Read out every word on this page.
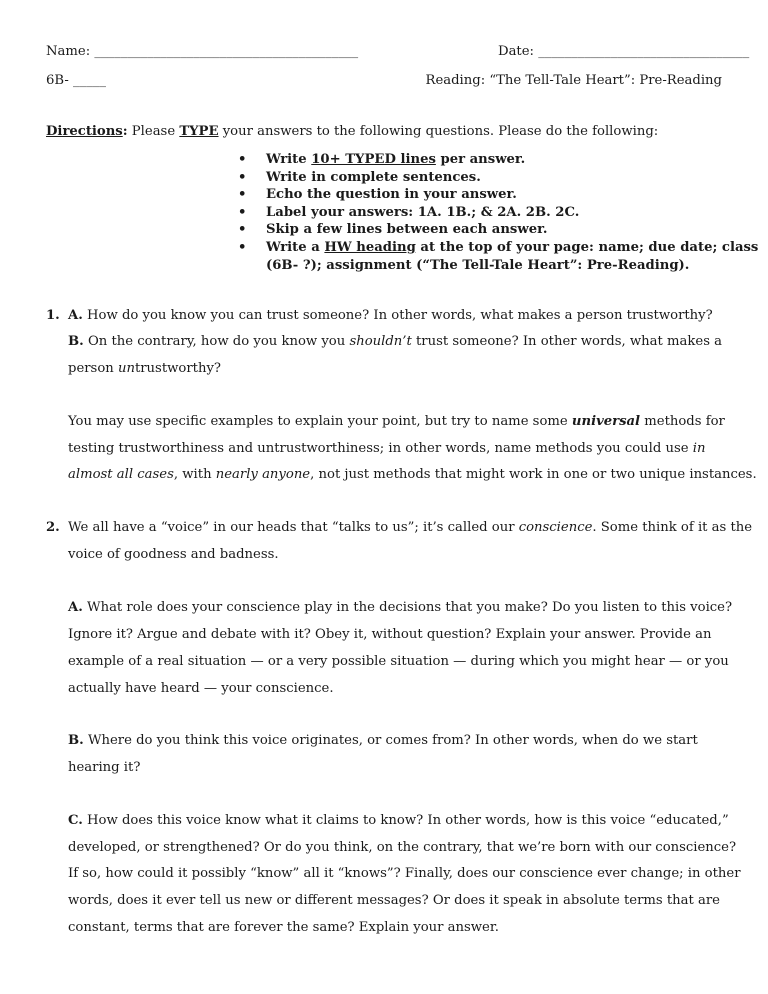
Name: ________________________________________	Date: ________________________________
6B- _____	Reading: “The Tell-Tale Heart”: Pre-Reading
Directions: Please TYPE your answers to the following questions. Please do the following:
• Write 10+ TYPED lines per answer.
• Write in complete sentences.
• Echo the question in your answer.
• Label your answers: 1A. 1B.; & 2A. 2B. 2C.
• Skip a few lines between each answer.
• Write a HW heading at the top of your page: name; due date; class
(6B- ?); assignment (“The Tell-Tale Heart”: Pre-Reading).
1. A. How do you know you can trust someone? In other words, what makes a person trustworthy?
B. On the contrary, how do you know you shouldn’t trust someone? In other words, what makes a
person untrustworthy?
You may use specific examples to explain your point, but try to name some universal methods for
testing trustworthiness and untrustworthiness; in other words, name methods you could use in
almost all cases, with nearly anyone, not just methods that might work in one or two unique instances.
2. We all have a “voice” in our heads that “talks to us”; it’s called our conscience. Some think of it as the
voice of goodness and badness.
A. What role does your conscience play in the decisions that you make? Do you listen to this voice?
Ignore it? Argue and debate with it? Obey it, without question? Explain your answer. Provide an
example of a real situation — or a very possible situation — during which you might hear — or you
actually have heard — your conscience.
B. Where do you think this voice originates, or comes from? In other words, when do we start
hearing it?
C. How does this voice know what it claims to know? In other words, how is this voice “educated,”
developed, or strengthened? Or do you think, on the contrary, that we’re born with our conscience?
If so, how could it possibly “know” all it “knows”? Finally, does our conscience ever change; in other
words, does it ever tell us new or different messages? Or does it speak in absolute terms that are
constant, terms that are forever the same? Explain your answer.
